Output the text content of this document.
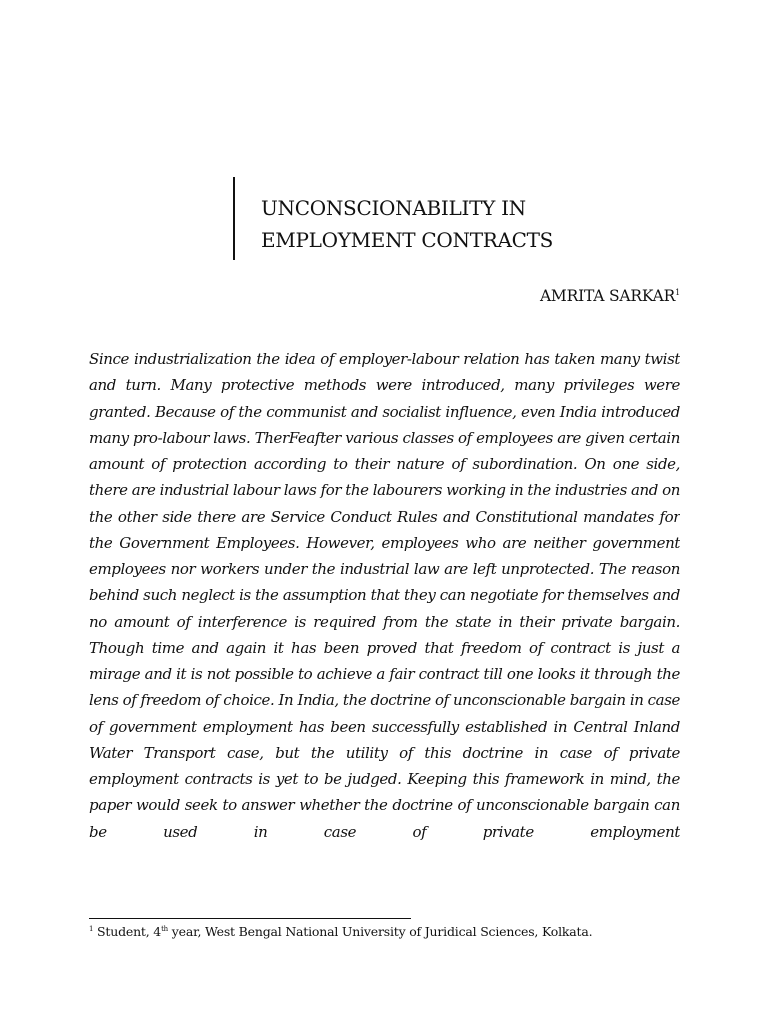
UNCONSCIONABILITY IN
EMPLOYMENT CONTRACTS
AMRITA SARKAR$^1$

Since industrialization the idea of employer-labour relation has taken many twist and turn. Many protective methods were introduced, many privileges were granted. Because of the communist and socialist influence, even India introduced many pro-labour laws. TherFeafter various classes of employees are given certain amount of protection according to their nature of subordination. On one side, there are industrial labour laws for the labourers working in the industries and on the other side there are Service Conduct Rules and Constitutional mandates for the Government Employees. However, employees who are neither government employees nor workers under the industrial law are left unprotected. The reason behind such neglect is the assumption that they can negotiate for themselves and no amount of interference is required from the state in their private bargain. Though time and again it has been proved that freedom of contract is just a mirage and it is not possible to achieve a fair contract till one looks it through the lens of freedom of choice. In India, the doctrine of unconscionable bargain in case of government employment has been successfully established in Central Inland Water Transport case, but the utility of this doctrine in case of private employment contracts is yet to be judged. Keeping this framework in mind, the paper would seek to answer whether the doctrine of unconscionable bargain can be used in case of private employment

$^1$ Student, 4th year, West Bengal National University of Juridical Sciences, Kolkata.
